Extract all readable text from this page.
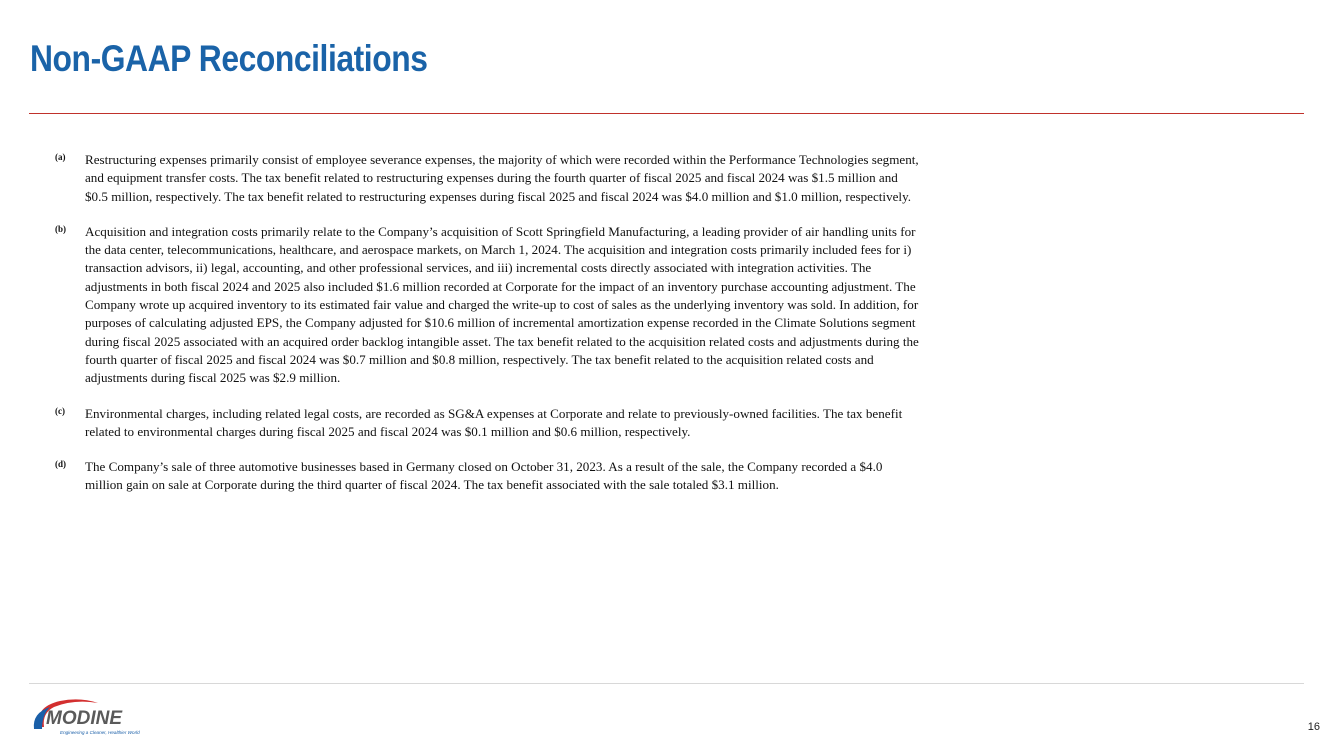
Non-GAAP Reconciliations
(a) Restructuring expenses primarily consist of employee severance expenses, the majority of which were recorded within the Performance Technologies segment, and equipment transfer costs. The tax benefit related to restructuring expenses during the fourth quarter of fiscal 2025 and fiscal 2024 was $1.5 million and $0.5 million, respectively. The tax benefit related to restructuring expenses during fiscal 2025 and fiscal 2024 was $4.0 million and $1.0 million, respectively.
(b) Acquisition and integration costs primarily relate to the Company’s acquisition of Scott Springfield Manufacturing, a leading provider of air handling units for the data center, telecommunications, healthcare, and aerospace markets, on March 1, 2024. The acquisition and integration costs primarily included fees for i) transaction advisors, ii) legal, accounting, and other professional services, and iii) incremental costs directly associated with integration activities. The adjustments in both fiscal 2024 and 2025 also included $1.6 million recorded at Corporate for the impact of an inventory purchase accounting adjustment. The Company wrote up acquired inventory to its estimated fair value and charged the write-up to cost of sales as the underlying inventory was sold. In addition, for purposes of calculating adjusted EPS, the Company adjusted for $10.6 million of incremental amortization expense recorded in the Climate Solutions segment during fiscal 2025 associated with an acquired order backlog intangible asset. The tax benefit related to the acquisition related costs and adjustments during the fourth quarter of fiscal 2025 and fiscal 2024 was $0.7 million and $0.8 million, respectively. The tax benefit related to the acquisition related costs and adjustments during fiscal 2025 was $2.9 million.
(c) Environmental charges, including related legal costs, are recorded as SG&A expenses at Corporate and relate to previously-owned facilities. The tax benefit related to environmental charges during fiscal 2025 and fiscal 2024 was $0.1 million and $0.6 million, respectively.
(d) The Company’s sale of three automotive businesses based in Germany closed on October 31, 2023. As a result of the sale, the Company recorded a $4.0 million gain on sale at Corporate during the third quarter of fiscal 2024. The tax benefit associated with the sale totaled $3.1 million.
MODINE
Engineering a Cleaner, Healthier World	16
